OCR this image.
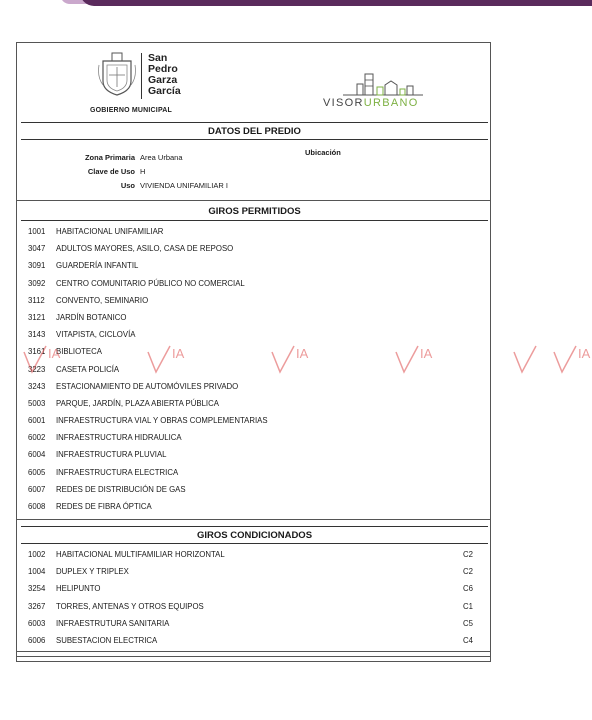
San
Pedro
Garza
García
GOBIERNO MUNICIPAL
VISORURBANO
DATOS DEL PREDIO
Ubicación
Zona Primaria Area Urbana
Clave de Uso H
Uso VIVIENDA UNIFAMILIAR I
GIROS PERMITIDOS
1001 HABITACIONAL UNIFAMILIAR
3047 ADULTOS MAYORES, ASILO, CASA DE REPOSO
3091 GUARDERÍA INFANTIL
3092 CENTRO COMUNITARIO PÚBLICO NO COMERCIAL
3112 CONVENTO, SEMINARIO
3121 JARDÍN BOTANICO
3143 VITAPISTA, CICLOVÍA
3161 BIBLIOTECA
3223 CASETA POLICÍA
3243 ESTACIONAMIENTO DE AUTOMÓVILES PRIVADO
5003 PARQUE, JARDÍN, PLAZA ABIERTA PÚBLICA
6001 INFRAESTRUCTURA VIAL Y OBRAS COMPLEMENTARIAS
6002 INFRAESTRUCTURA HIDRAULICA
6004 INFRAESTRUCTURA PLUVIAL
6005 INFRAESTRUCTURA ELECTRICA
6007 REDES DE DISTRIBUCIÓN DE GAS
6008 REDES DE FIBRA ÓPTICA
GIROS CONDICIONADOS
1002 HABITACIONAL MULTIFAMILIAR HORIZONTAL	C2
1004 DUPLEX Y TRIPLEX	C2
3254 HELIPUNTO	C6
3267 TORRES, ANTENAS Y OTROS EQUIPOS	C1
6003 INFRAESTRUTURA SANITARIA	C5
6006 SUBESTACION ELECTRICA	C4
IA	IA	IA	IA	IA
